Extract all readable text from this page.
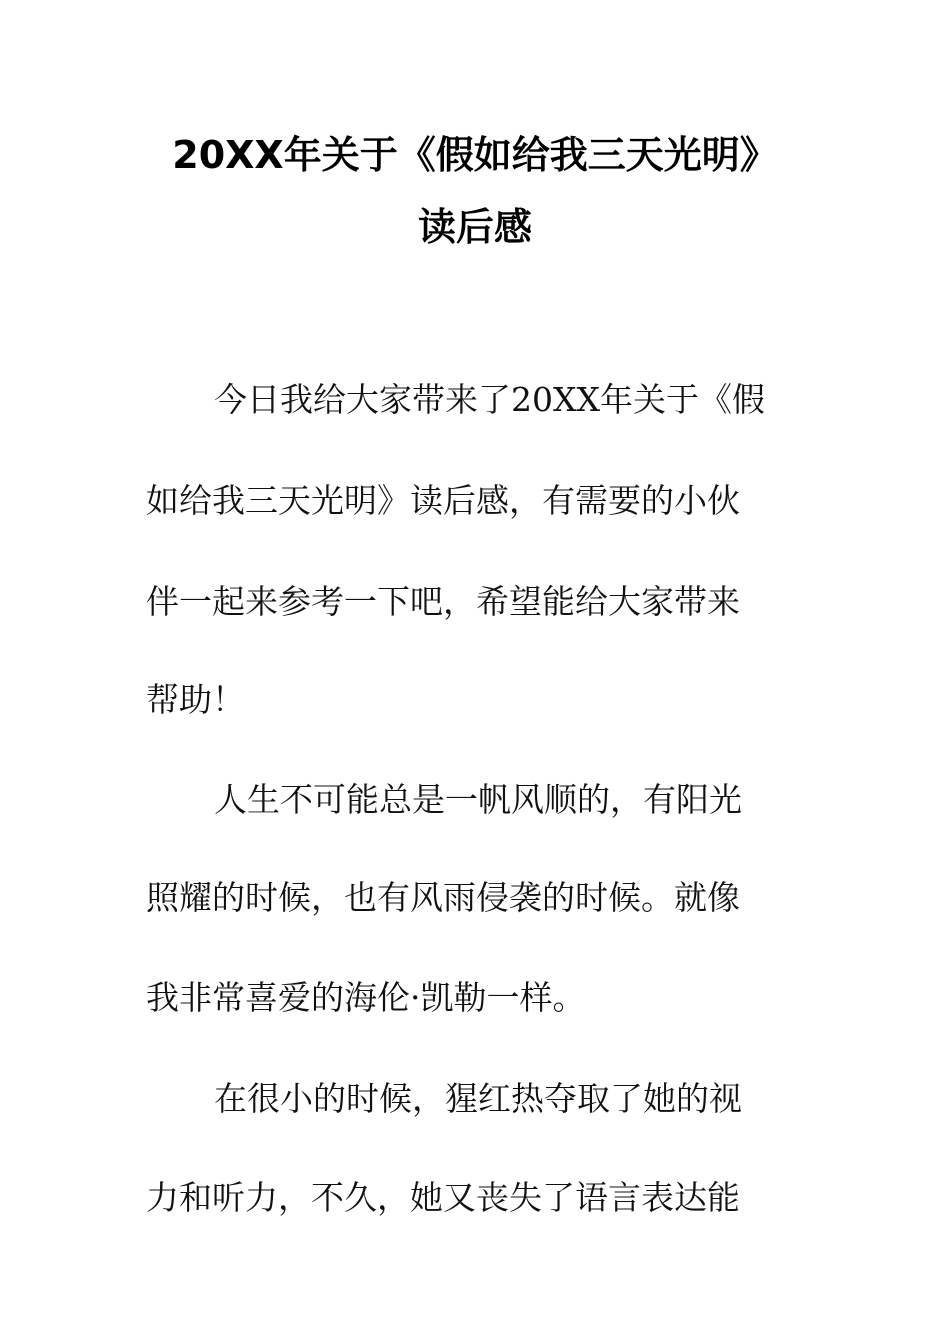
20XX年关于《假如给我三天光明》
读后感

今日我给大家带来了20XX年关于《假

如给我三天光明》读后感，有需要的小伙

伴一起来参考一下吧，希望能给大家带来

帮助！

人生不可能总是一帆风顺的，有阳光

照耀的时候，也有风雨侵袭的时候。就像

我非常喜爱的海伦·凯勒一样。

在很小的时候，猩红热夺取了她的视

力和听力，不久，她又丧失了语言表达能
